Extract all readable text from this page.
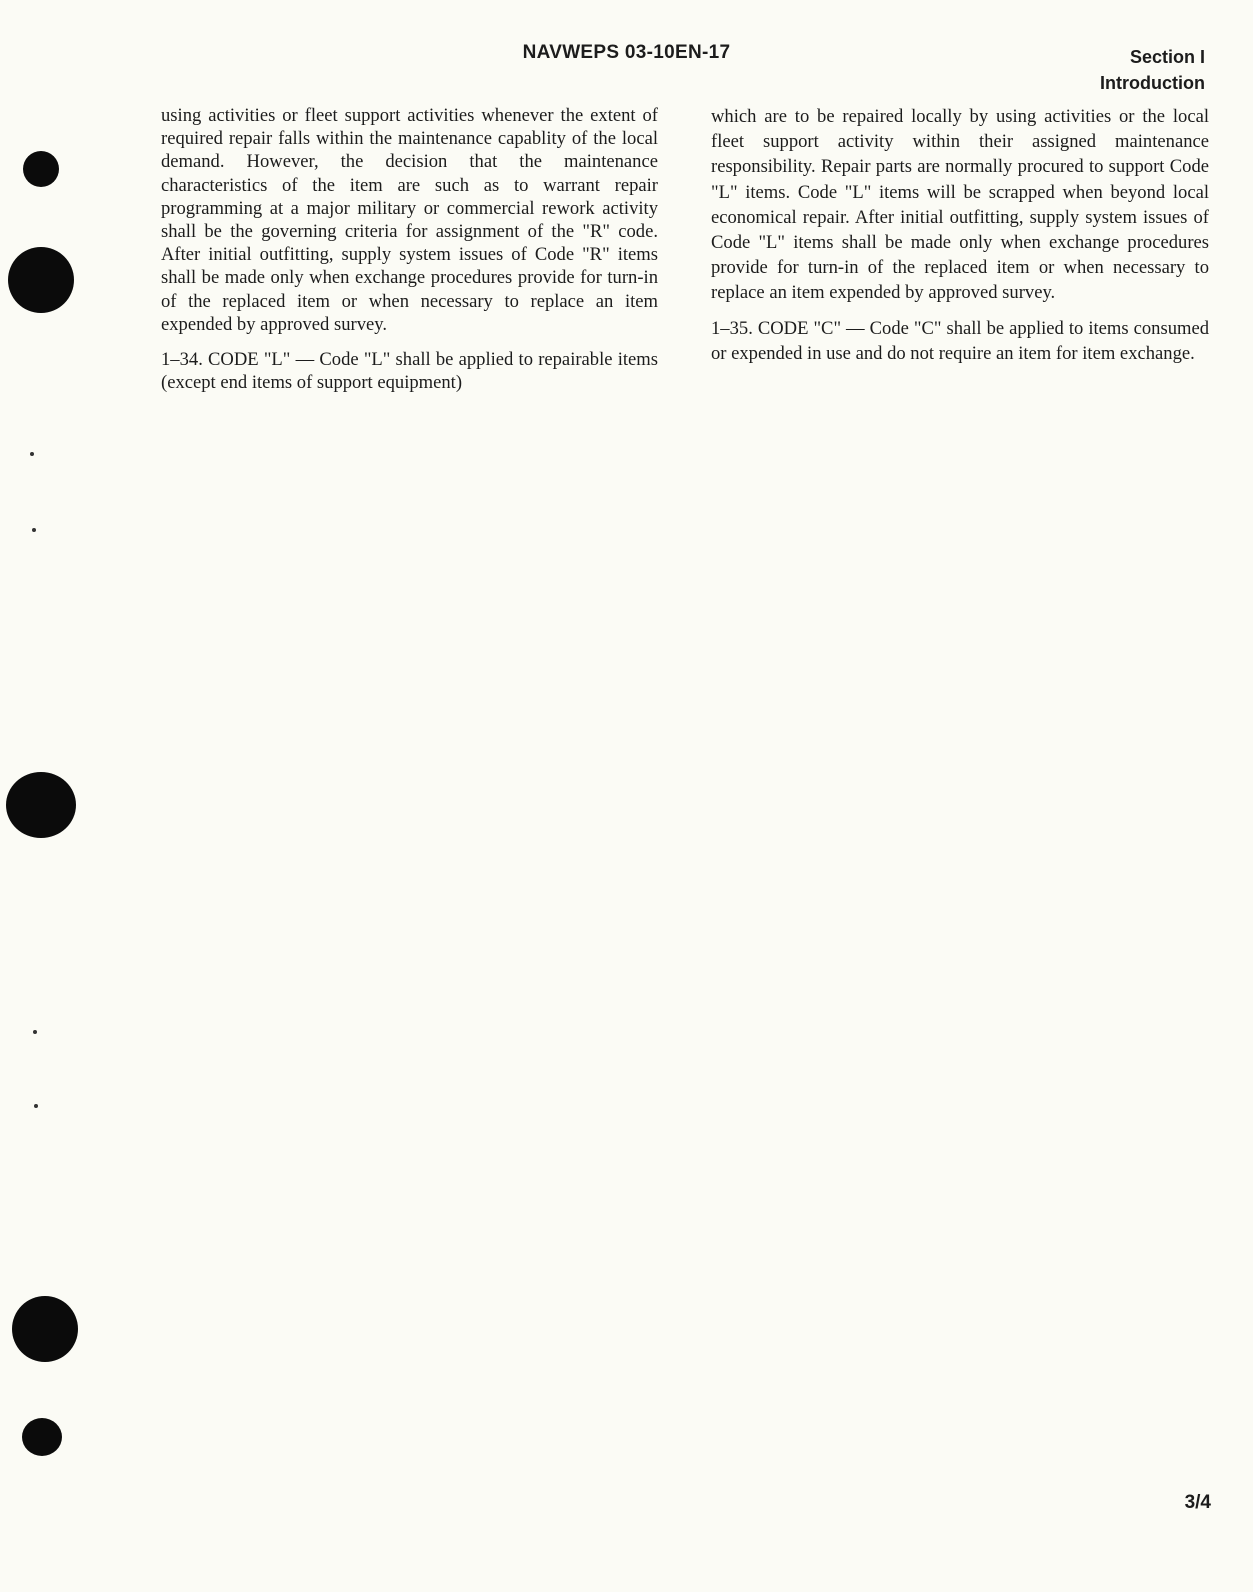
NAVWEPS 03-10EN-17	Section I
Introduction

using activities or fleet support activities whenever the extent of required repair falls within the maintenance capablity of the local demand. However, the decision that the maintenance characteristics of the item are such as to warrant repair programming at a major military or commercial rework activity shall be the governing criteria for assignment of the "R" code. After initial outfitting, supply system issues of Code "R" items shall be made only when exchange procedures provide for turn-in of the replaced item or when necessary to replace an item expended by approved survey.

1–34. CODE "L" — Code "L" shall be applied to repairable items (except end items of support equipment)

which are to be repaired locally by using activities or the local fleet support activity within their assigned maintenance responsibility. Repair parts are normally procured to support Code "L" items. Code "L" items will be scrapped when beyond local economical repair. After initial outfitting, supply system issues of Code "L" items shall be made only when exchange procedures provide for turn-in of the replaced item or when necessary to replace an item expended by approved survey.

1–35. CODE "C" — Code "C" shall be applied to items consumed or expended in use and do not require an item for item exchange.

3/4
